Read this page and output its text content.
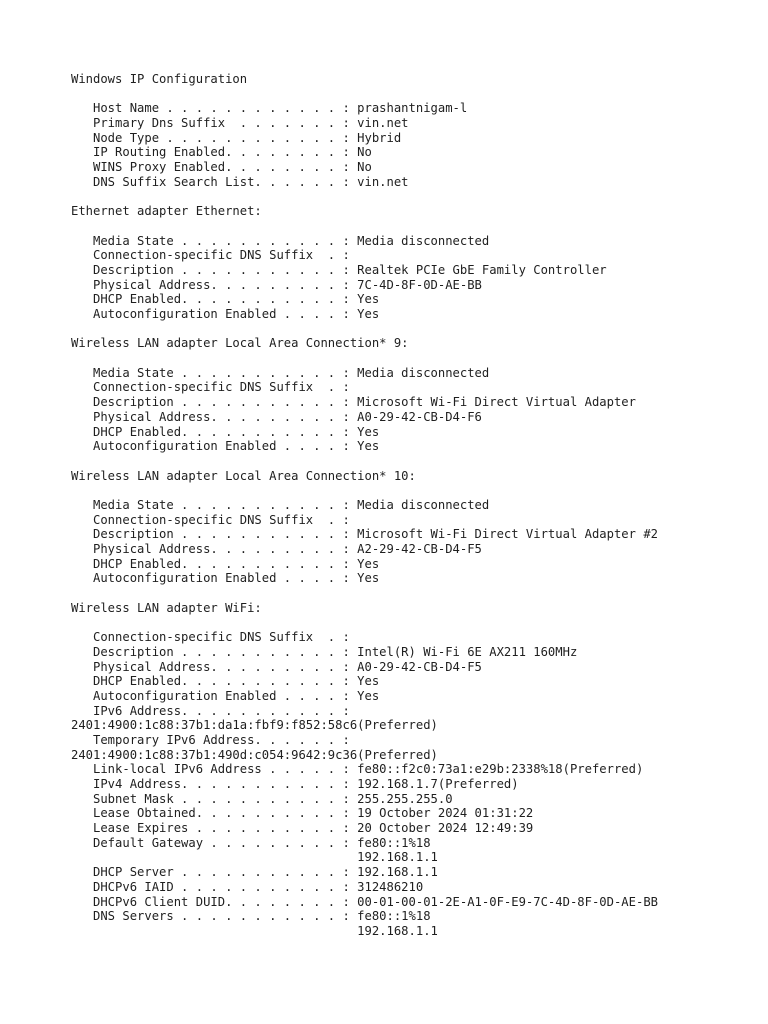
Windows IP Configuration
Host Name . . . . . . . . . . . . : prashantnigam-l
Primary Dns Suffix  . . . . . . . : vin.net
Node Type . . . . . . . . . . . . : Hybrid
IP Routing Enabled. . . . . . . . : No
WINS Proxy Enabled. . . . . . . . : No
DNS Suffix Search List. . . . . . : vin.net
Ethernet adapter Ethernet:
Media State . . . . . . . . . . . : Media disconnected
Connection-specific DNS Suffix  . :
Description . . . . . . . . . . . : Realtek PCIe GbE Family Controller
Physical Address. . . . . . . . . : 7C-4D-8F-0D-AE-BB
DHCP Enabled. . . . . . . . . . . : Yes
Autoconfiguration Enabled . . . . : Yes
Wireless LAN adapter Local Area Connection* 9:
Media State . . . . . . . . . . . : Media disconnected
Connection-specific DNS Suffix  . :
Description . . . . . . . . . . . : Microsoft Wi-Fi Direct Virtual Adapter
Physical Address. . . . . . . . . : A0-29-42-CB-D4-F6
DHCP Enabled. . . . . . . . . . . : Yes
Autoconfiguration Enabled . . . . : Yes
Wireless LAN adapter Local Area Connection* 10:
Media State . . . . . . . . . . . : Media disconnected
Connection-specific DNS Suffix  . :
Description . . . . . . . . . . . : Microsoft Wi-Fi Direct Virtual Adapter #2
Physical Address. . . . . . . . . : A2-29-42-CB-D4-F5
DHCP Enabled. . . . . . . . . . . : Yes
Autoconfiguration Enabled . . . . : Yes
Wireless LAN adapter WiFi:
Connection-specific DNS Suffix  . :
Description . . . . . . . . . . . : Intel(R) Wi-Fi 6E AX211 160MHz
Physical Address. . . . . . . . . : A0-29-42-CB-D4-F5
DHCP Enabled. . . . . . . . . . . : Yes
Autoconfiguration Enabled . . . . : Yes
IPv6 Address. . . . . . . . . . . :
2401:4900:1c88:37b1:da1a:fbf9:f852:58c6(Preferred)
Temporary IPv6 Address. . . . . . :
2401:4900:1c88:37b1:490d:c054:9642:9c36(Preferred)
Link-local IPv6 Address . . . . . : fe80::f2c0:73a1:e29b:2338%18(Preferred)
IPv4 Address. . . . . . . . . . . : 192.168.1.7(Preferred)
Subnet Mask . . . . . . . . . . . : 255.255.255.0
Lease Obtained. . . . . . . . . . : 19 October 2024 01:31:22
Lease Expires . . . . . . . . . . : 20 October 2024 12:49:39
Default Gateway . . . . . . . . . : fe80::1%18
192.168.1.1
DHCP Server . . . . . . . . . . . : 192.168.1.1
DHCPv6 IAID . . . . . . . . . . . : 312486210
DHCPv6 Client DUID. . . . . . . . : 00-01-00-01-2E-A1-0F-E9-7C-4D-8F-0D-AE-BB
DNS Servers . . . . . . . . . . . : fe80::1%18
192.168.1.1
